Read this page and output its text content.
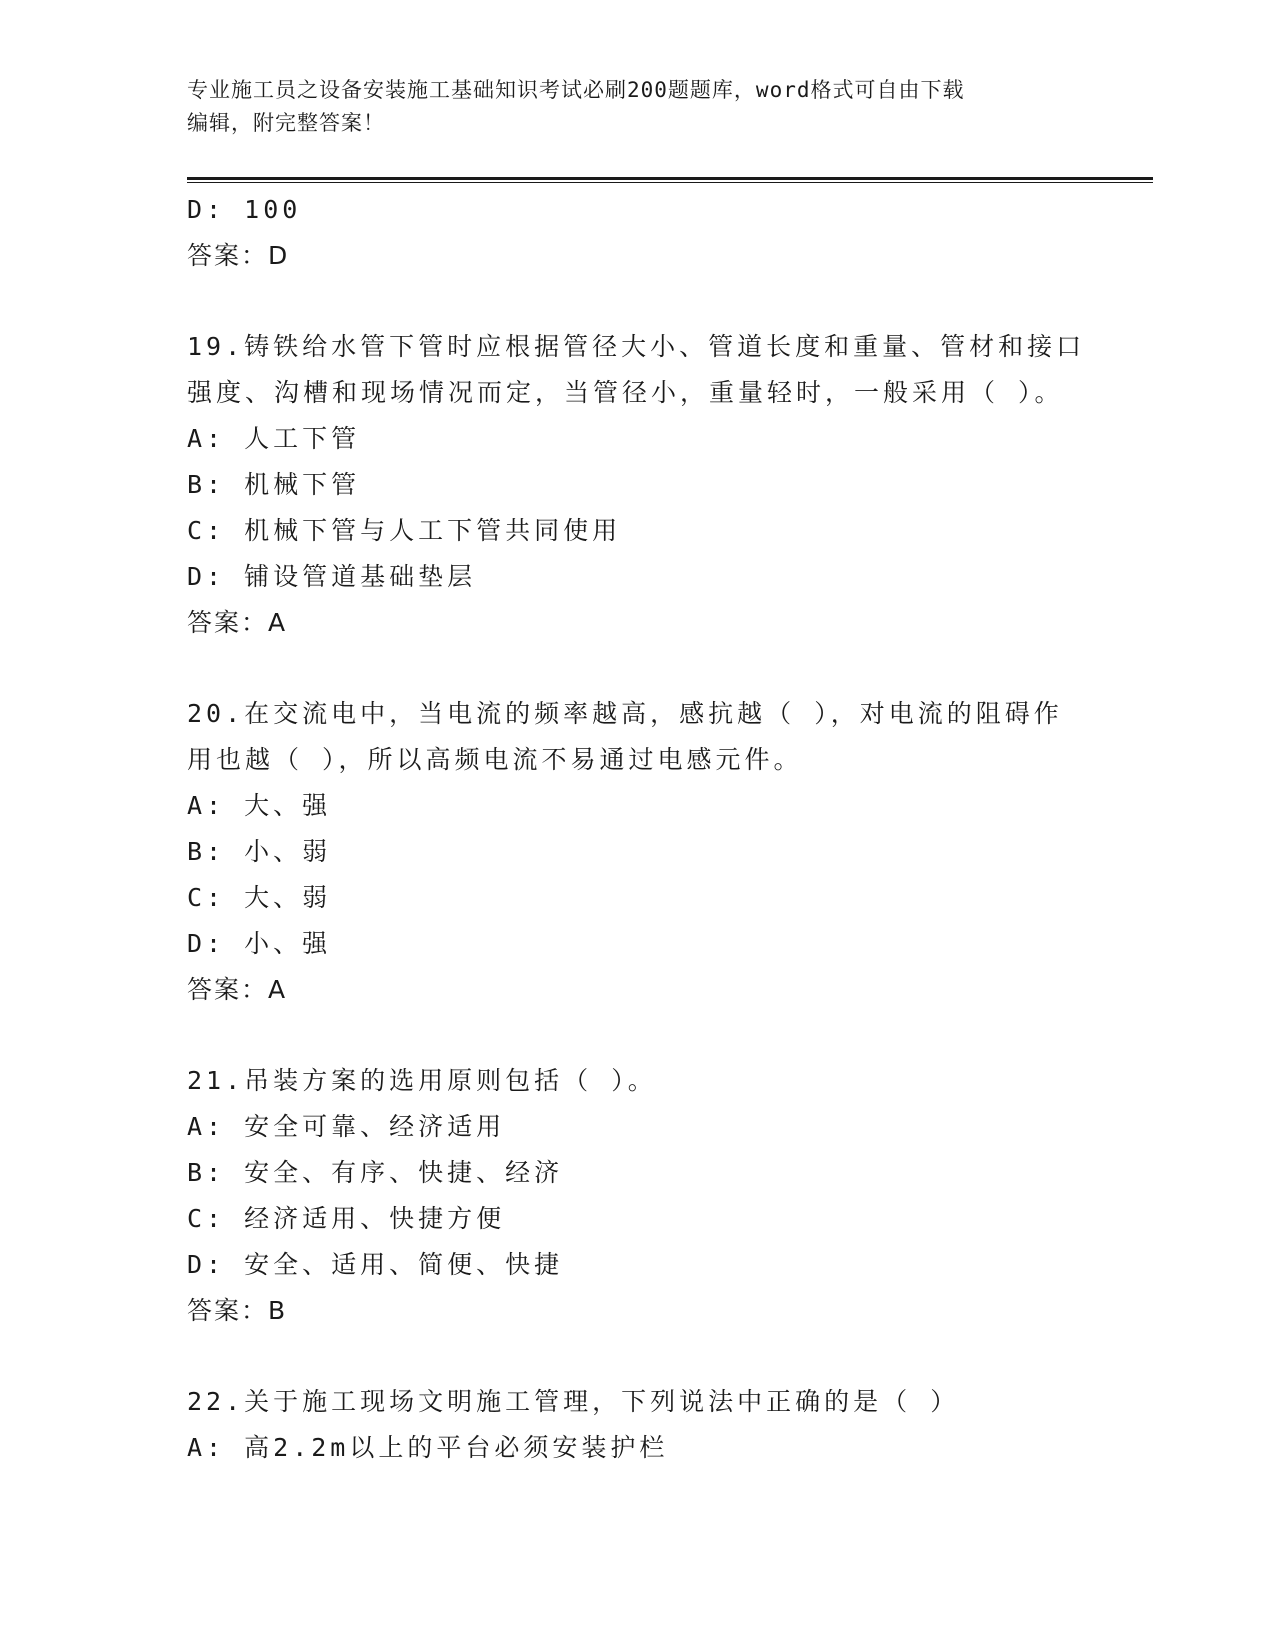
专业施工员之设备安装施工基础知识考试必刷200题题库，word格式可自由下载
编辑，附完整答案！
D: 100
答案：D
19.铸铁给水管下管时应根据管径大小、管道长度和重量、管材和接口
强度、沟槽和现场情况而定，当管径小，重量轻时，一般采用（ ）。
A: 人工下管
B: 机械下管
C: 机械下管与人工下管共同使用
D: 铺设管道基础垫层
答案：A
20.在交流电中，当电流的频率越高，感抗越（ ），对电流的阻碍作
用也越（ ），所以高频电流不易通过电感元件。
A: 大、强
B: 小、弱
C: 大、弱
D: 小、强
答案：A
21.吊装方案的选用原则包括（ ）。
A: 安全可靠、经济适用
B: 安全、有序、快捷、经济
C: 经济适用、快捷方便
D: 安全、适用、简便、快捷
答案：B
22.关于施工现场文明施工管理，下列说法中正确的是（ ）
A: 高2.2m以上的平台必须安装护栏
